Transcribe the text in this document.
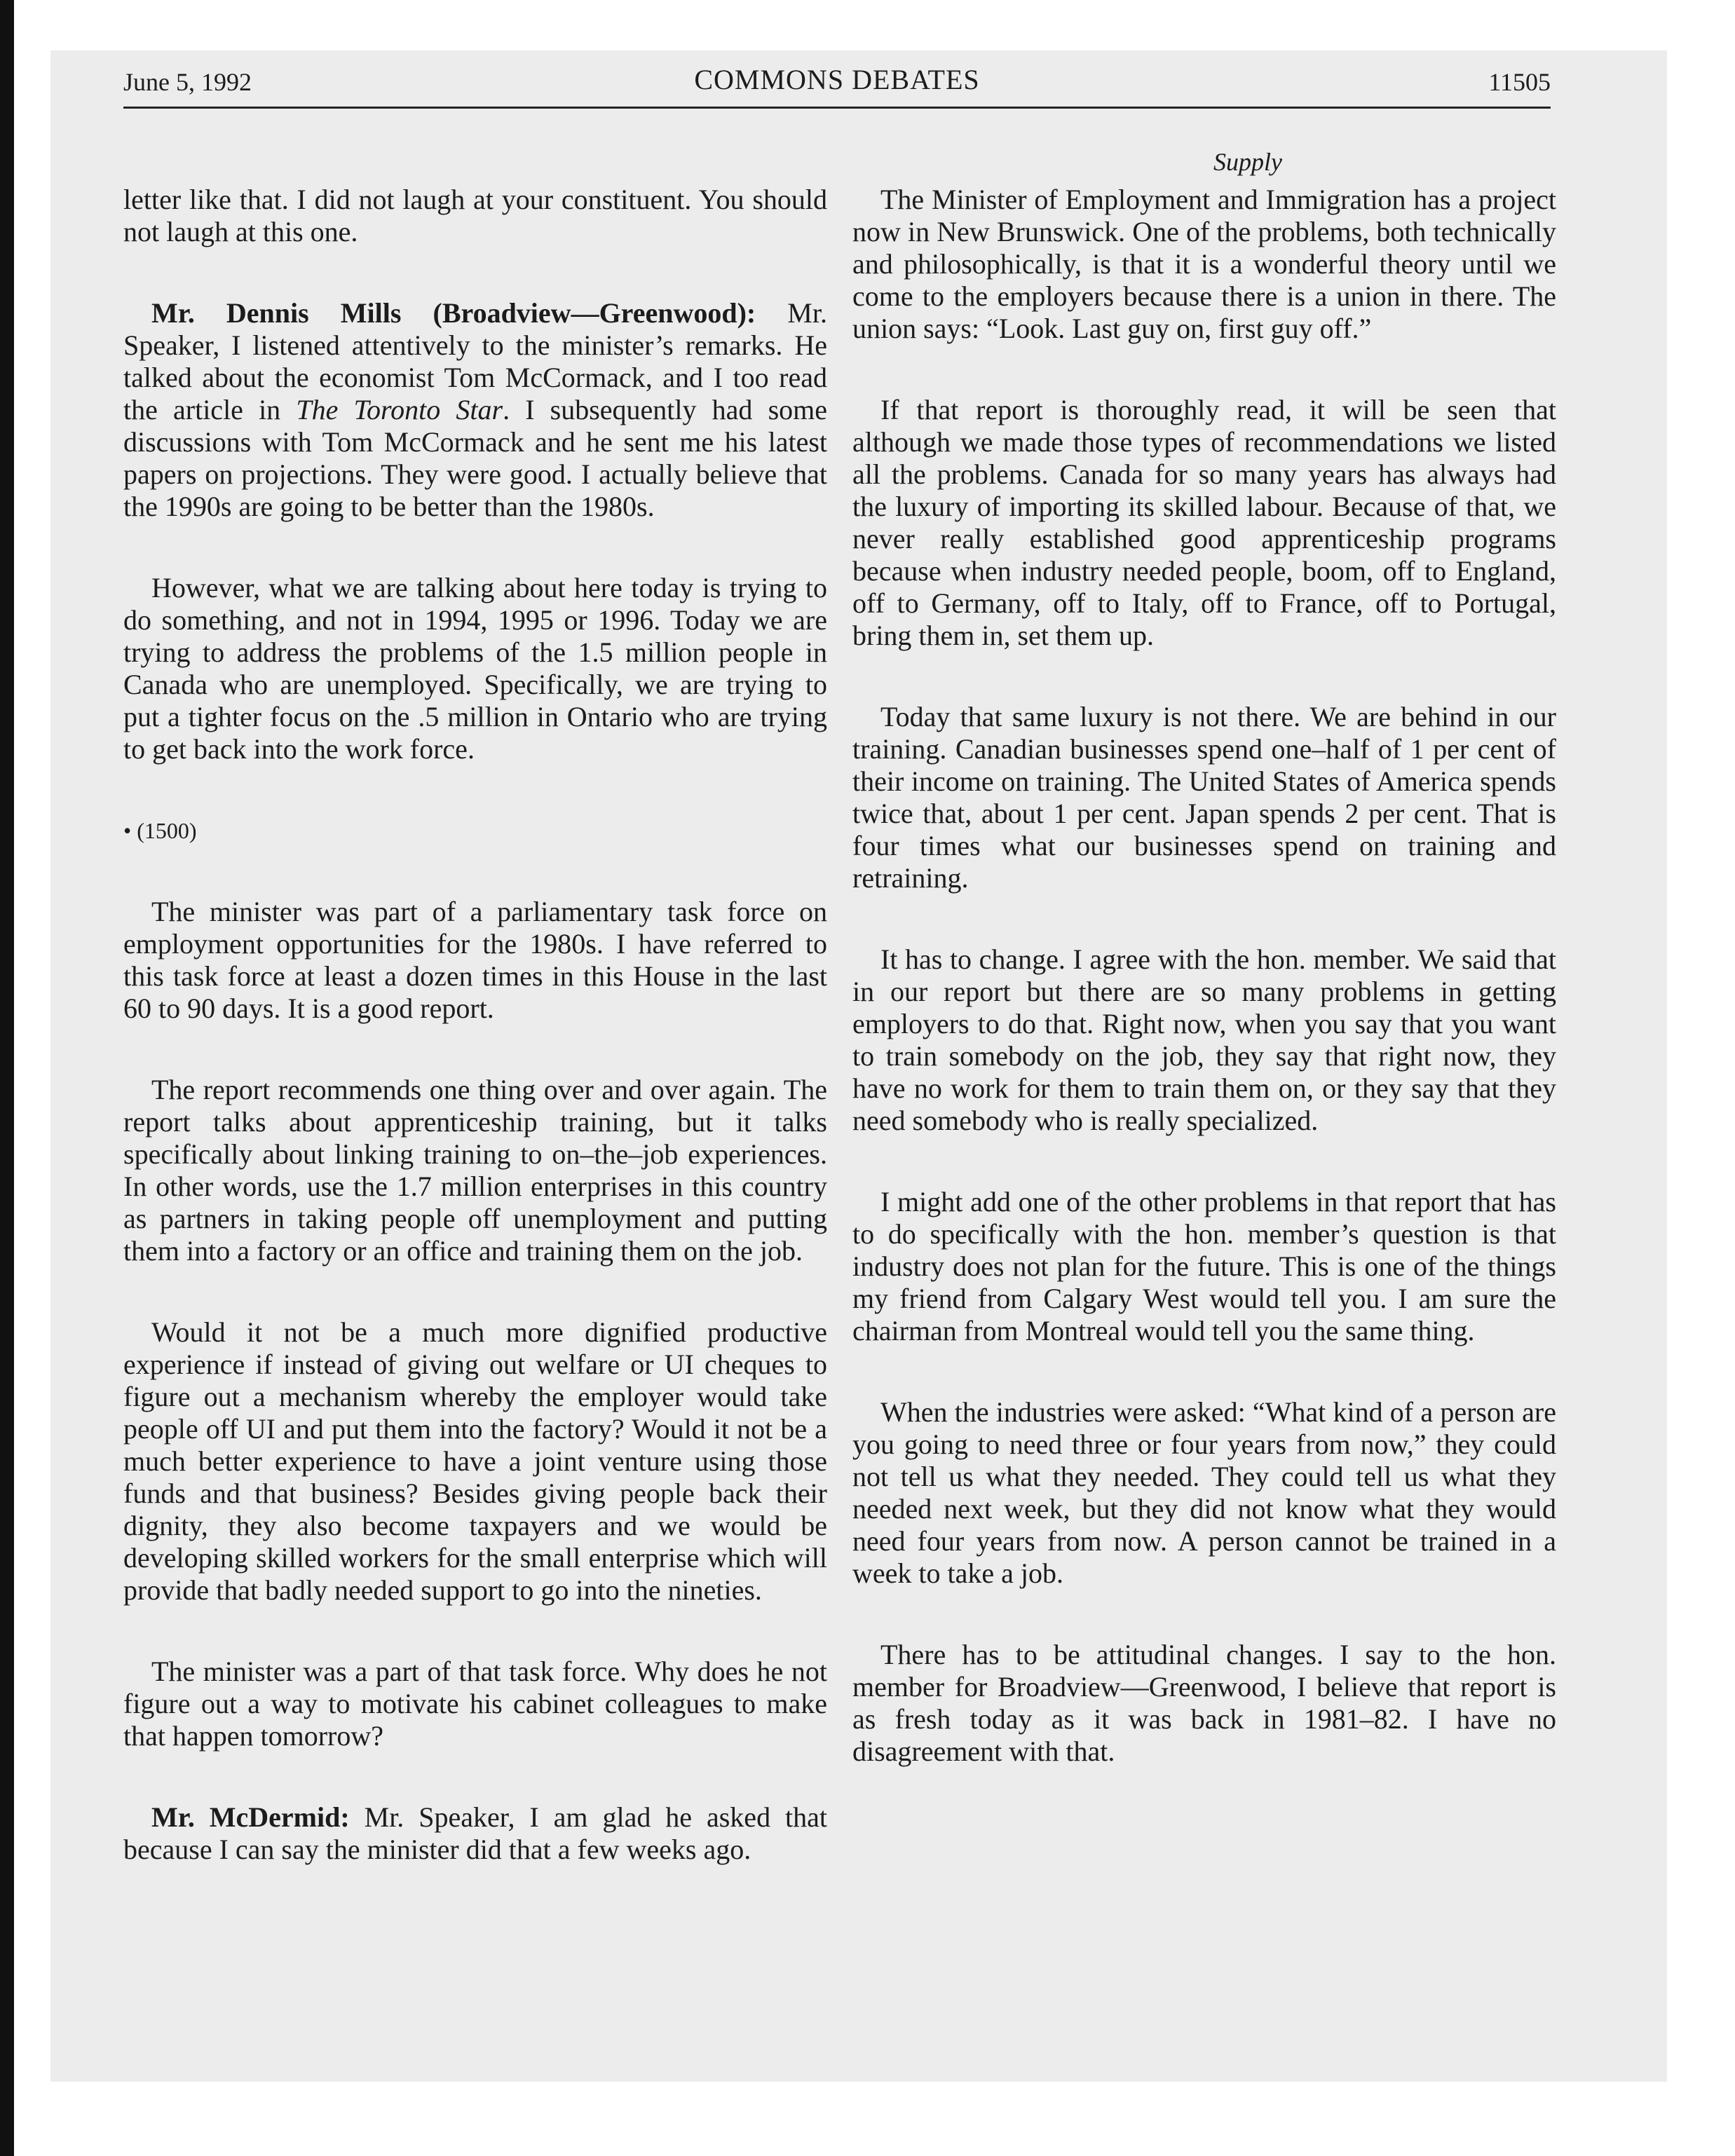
June 5, 1992	COMMONS DEBATES	11505
Supply

letter like that. I did not laugh at your constituent. You should not laugh at this one.

Mr. Dennis Mills (Broadview—Greenwood): Mr. Speaker, I listened attentively to the minister’s remarks. He talked about the economist Tom McCormack, and I too read the article in The Toronto Star. I subsequently had some discussions with Tom McCormack and he sent me his latest papers on projections. They were good. I actually believe that the 1990s are going to be better than the 1980s.

However, what we are talking about here today is trying to do something, and not in 1994, 1995 or 1996. Today we are trying to address the problems of the 1.5 million people in Canada who are unemployed. Specifically, we are trying to put a tighter focus on the .5 million in Ontario who are trying to get back into the work force.

• (1500)

The minister was part of a parliamentary task force on employment opportunities for the 1980s. I have referred to this task force at least a dozen times in this House in the last 60 to 90 days. It is a good report.

The report recommends one thing over and over again. The report talks about apprenticeship training, but it talks specifically about linking training to on–the–job experiences. In other words, use the 1.7 million enterprises in this country as partners in taking people off unemployment and putting them into a factory or an office and training them on the job.

Would it not be a much more dignified productive experience if instead of giving out welfare or UI cheques to figure out a mechanism whereby the employer would take people off UI and put them into the factory? Would it not be a much better experience to have a joint venture using those funds and that business? Besides giving people back their dignity, they also become taxpayers and we would be developing skilled workers for the small enterprise which will provide that badly needed support to go into the nineties.

The minister was a part of that task force. Why does he not figure out a way to motivate his cabinet colleagues to make that happen tomorrow?

Mr. McDermid: Mr. Speaker, I am glad he asked that because I can say the minister did that a few weeks ago.

The Minister of Employment and Immigration has a project now in New Brunswick. One of the problems, both technically and philosophically, is that it is a wonderful theory until we come to the employers because there is a union in there. The union says: “Look. Last guy on, first guy off.”

If that report is thoroughly read, it will be seen that although we made those types of recommendations we listed all the problems. Canada for so many years has always had the luxury of importing its skilled labour. Because of that, we never really established good apprenticeship programs because when industry needed people, boom, off to England, off to Germany, off to Italy, off to France, off to Portugal, bring them in, set them up.

Today that same luxury is not there. We are behind in our training. Canadian businesses spend one–half of 1 per cent of their income on training. The United States of America spends twice that, about 1 per cent. Japan spends 2 per cent. That is four times what our businesses spend on training and retraining.

It has to change. I agree with the hon. member. We said that in our report but there are so many problems in getting employers to do that. Right now, when you say that you want to train somebody on the job, they say that right now, they have no work for them to train them on, or they say that they need somebody who is really specialized.

I might add one of the other problems in that report that has to do specifically with the hon. member’s question is that industry does not plan for the future. This is one of the things my friend from Calgary West would tell you. I am sure the chairman from Montreal would tell you the same thing.

When the industries were asked: “What kind of a person are you going to need three or four years from now,” they could not tell us what they needed. They could tell us what they needed next week, but they did not know what they would need four years from now. A person cannot be trained in a week to take a job.

There has to be attitudinal changes. I say to the hon. member for Broadview—Greenwood, I believe that report is as fresh today as it was back in 1981–82. I have no disagreement with that.
